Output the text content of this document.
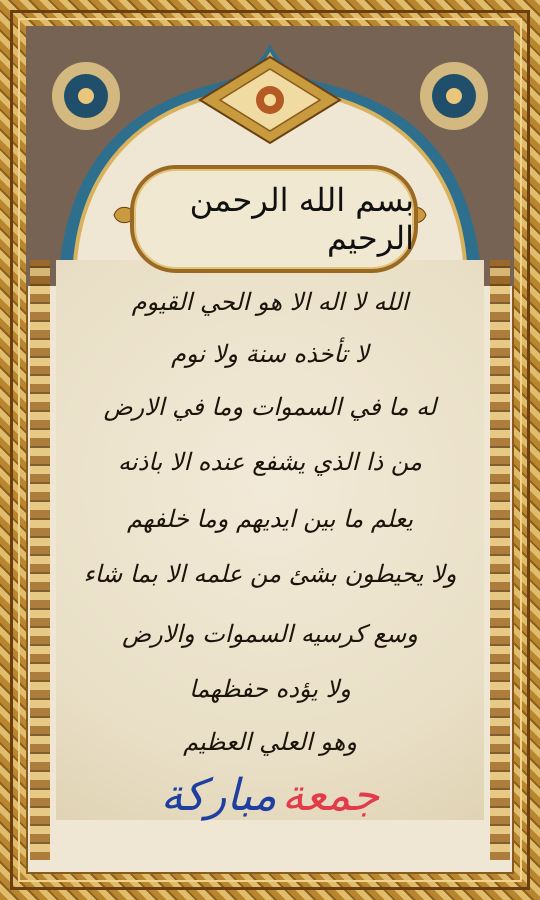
بسم الله الرحمن الرحيم
الله لا اله الا هو الحي القيوم
لا تأخذه سنة ولا نوم
له ما في السموات وما في الارض
من ذا الذي يشفع عنده الا باذنه
يعلم ما بين ايديهم وما خلفهم
ولا يحيطون بشئ من علمه الا بما شاء
وسع كرسيه السموات والارض
ولا يؤده حفظهما
وهو العلي العظيم
جمعة مباركة
